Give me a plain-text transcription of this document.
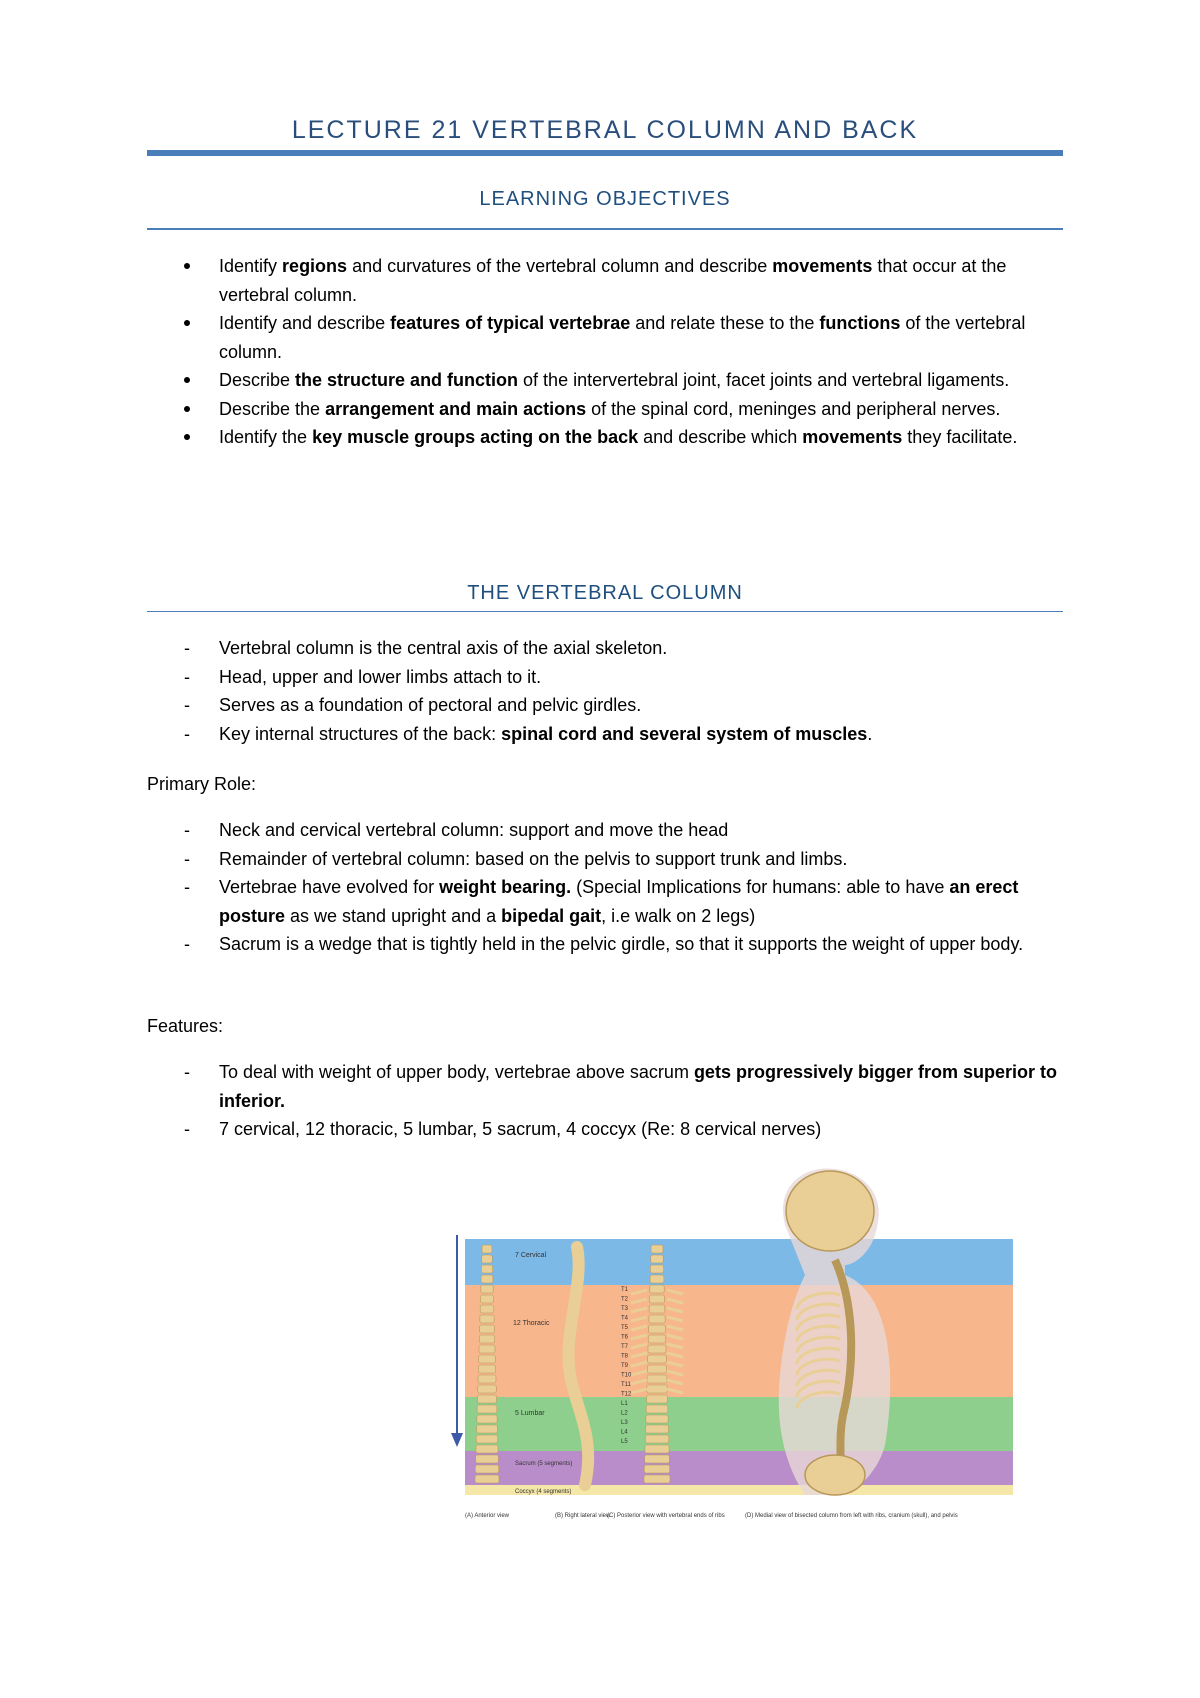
LECTURE 21 VERTEBRAL COLUMN AND BACK
LEARNING OBJECTIVES
Identify regions and curvatures of the vertebral column and describe movements that occur at the vertebral column.
Identify and describe features of typical vertebrae and relate these to the functions of the vertebral column.
Describe the structure and function of the intervertebral joint, facet joints and vertebral ligaments.
Describe the arrangement and main actions of the spinal cord, meninges and peripheral nerves.
Identify the key muscle groups acting on the back and describe which movements they facilitate.
THE VERTEBRAL COLUMN
-	Vertebral column is the central axis of the axial skeleton.
-	Head, upper and lower limbs attach to it.
-	Serves as a foundation of pectoral and pelvic girdles.
-	Key internal structures of the back: spinal cord and several system of muscles.
Primary Role:
-	Neck and cervical vertebral column: support and move the head
-	Remainder of vertebral column: based on the pelvis to support trunk and limbs.
-	Vertebrae have evolved for weight bearing. (Special Implications for humans: able to have an erect posture as we stand upright and a bipedal gait, i.e walk on 2 legs)
-	Sacrum is a wedge that is tightly held in the pelvic girdle, so that it supports the weight of upper body.
Features:
-	To deal with weight of upper body, vertebrae above sacrum gets progressively bigger from superior to inferior.
-	7 cervical, 12 thoracic, 5 lumbar, 5 sacrum, 4 coccyx (Re: 8 cervical nerves)
7 Cervical
12 Thoracic
5 Lumbar
Sacrum (5 segments)
Coccyx (4 segments)
T1
T2
T3
T4
T5
T6
T7
T8
T9
T10
T11
T12
L1
L2
L3
L4
L5
(A) Anterior view	(B) Right lateral view
(C) Posterior view with vertebral ends of ribs	(D) Medial view of bisected column from left with ribs, cranium (skull), and pelvis
